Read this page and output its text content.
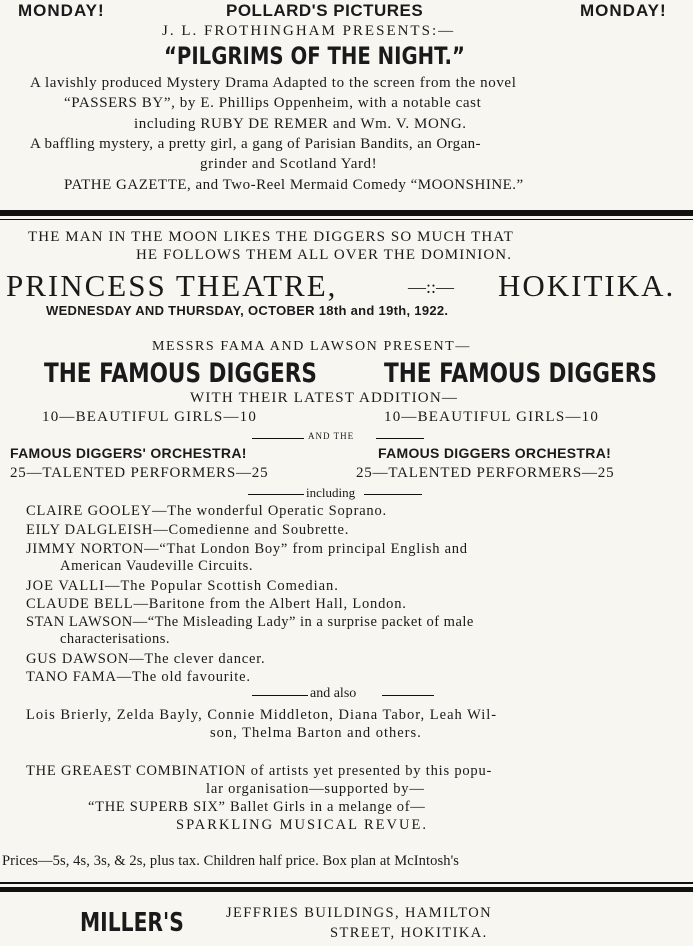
MONDAY!	POLLARD'S PICTURES	MONDAY!
J. L. FROTHINGHAM PRESENTS:—
“PILGRIMS OF THE NIGHT.”
A lavishly produced Mystery Drama Adapted to the screen from the novel
“PASSERS BY”, by E. Phillips Oppenheim, with a notable cast
including RUBY DE REMER and Wm. V. MONG.
A baffling mystery, a pretty girl, a gang of Parisian Bandits, an Organ-
grinder and Scotland Yard!
PATHE GAZETTE, and Two-Reel Mermaid Comedy “MOONSHINE.”
THE MAN IN THE MOON LIKES THE DIGGERS SO MUCH THAT
HE FOLLOWS THEM ALL OVER THE DOMINION.
PRINCESS THEATRE,	—::— HOKITIKA.
WEDNESDAY AND THURSDAY, OCTOBER 18th and 19th, 1922.
MESSRS FAMA AND LAWSON PRESENT—
THE FAMOUS DIGGERS THE FAMOUS DIGGERS
WITH THEIR LATEST ADDITION—
10—BEAUTIFUL GIRLS—10	10—BEAUTIFUL GIRLS—10
AND THE
FAMOUS DIGGERS' ORCHESTRA!	FAMOUS DIGGERS ORCHESTRA!
25—TALENTED PERFORMERS—25	25—TALENTED PERFORMERS—25
including
CLAIRE GOOLEY—The wonderful Operatic Soprano.
EILY DALGLEISH—Comedienne and Soubrette.
JIMMY NORTON—“That London Boy” from principal English and
American Vaudeville Circuits.
JOE VALLI—The Popular Scottish Comedian.
CLAUDE BELL—Baritone from the Albert Hall, London.
STAN LAWSON—“The Misleading Lady” in a surprise packet of male
characterisations.
GUS DAWSON—The clever dancer.
TANO FAMA—The old favourite.
and also
Lois Brierly, Zelda Bayly, Connie Middleton, Diana Tabor, Leah Wil-
son, Thelma Barton and others.
THE GREAEST COMBINATION of artists yet presented by this popu-
lar organisation—supported by—
“THE SUPERB SIX” Ballet Girls in a melange of—
SPARKLING MUSICAL REVUE.
Prices—5s, 4s, 3s, & 2s, plus tax. Children half price. Box plan at McIntosh's
MILLER'S	JEFFRIES BUILDINGS, HAMILTON
STREET, HOKITIKA.
